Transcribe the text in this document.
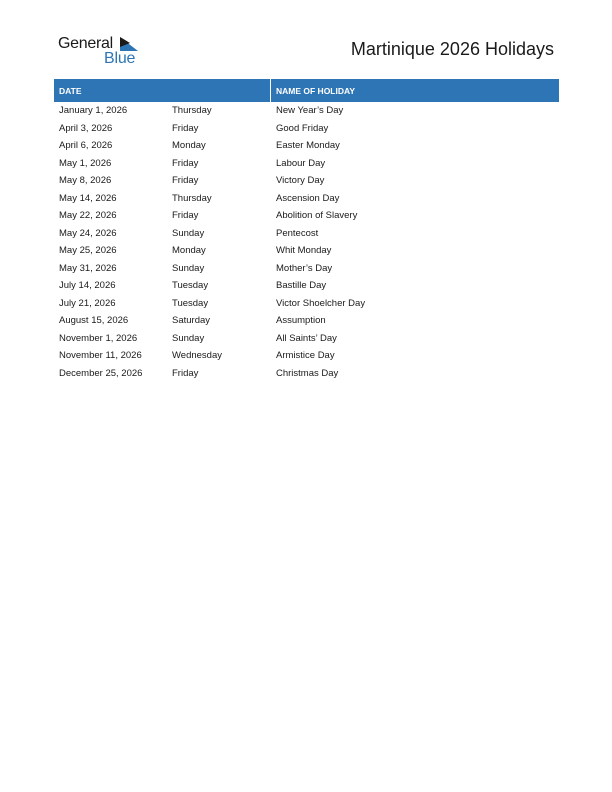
General
Blue	Martinique 2026 Holidays
DATE	NAME OF HOLIDAY
January 1, 2026	Thursday	New Year’s Day
April 3, 2026	Friday	Good Friday
April 6, 2026	Monday	Easter Monday
May 1, 2026	Friday	Labour Day
May 8, 2026	Friday	Victory Day
May 14, 2026	Thursday	Ascension Day
May 22, 2026	Friday	Abolition of Slavery
May 24, 2026	Sunday	Pentecost
May 25, 2026	Monday	Whit Monday
May 31, 2026	Sunday	Mother’s Day
July 14, 2026	Tuesday	Bastille Day
July 21, 2026	Tuesday	Victor Shoelcher Day
August 15, 2026	Saturday	Assumption
November 1, 2026	Sunday	All Saints’ Day
November 11, 2026	Wednesday	Armistice Day
December 25, 2026	Friday	Christmas Day
